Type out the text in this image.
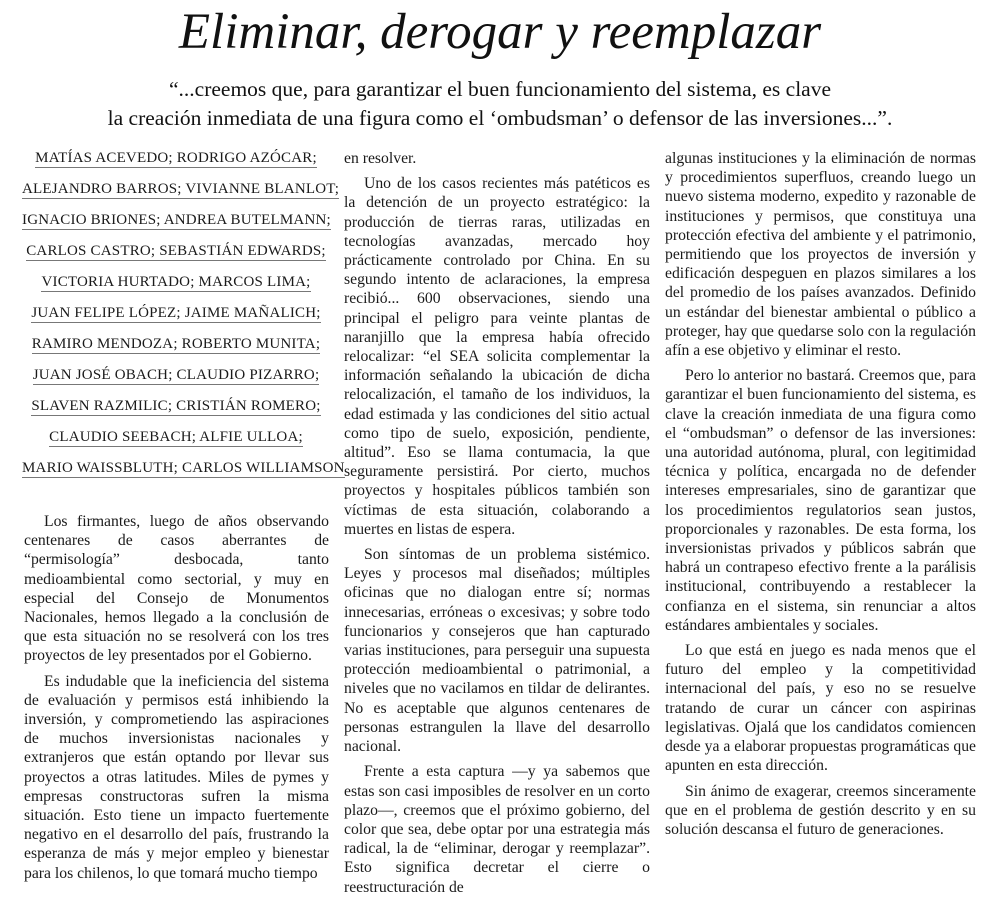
Eliminar, derogar y reemplazar
“...creemos que, para garantizar el buen funcionamiento del sistema, es clave
la creación inmediata de una figura como el ‘ombudsman’ o defensor de las inversiones...”.
MATÍAS ACEVEDO; RODRIGO AZÓCAR;
ALEJANDRO BARROS; VIVIANNE BLANLOT;
IGNACIO BRIONES; ANDREA BUTELMANN;
CARLOS CASTRO; SEBASTIÁN EDWARDS;
VICTORIA HURTADO; MARCOS LIMA;
JUAN FELIPE LÓPEZ; JAIME MAÑALICH;
RAMIRO MENDOZA; ROBERTO MUNITA;
JUAN JOSÉ OBACH; CLAUDIO PIZARRO;
SLAVEN RAZMILIC; CRISTIÁN ROMERO;
CLAUDIO SEEBACH; ALFIE ULLOA;
MARIO WAISSBLUTH; CARLOS WILLIAMSON

Los firmantes, luego de años observando centenares de casos aberrantes de “permisología” desbocada, tanto medioambiental como sectorial, y muy en especial del Consejo de Monumentos Nacionales, hemos llegado a la conclusión de que esta situación no se resolverá con los tres proyectos de ley presentados por el Gobierno.

Es indudable que la ineficiencia del sistema de evaluación y permisos está inhibiendo la inversión, y comprometiendo las aspiraciones de muchos inversionistas nacionales y extranjeros que están optando por llevar sus proyectos a otras latitudes. Miles de pymes y empresas constructoras sufren la misma situación. Esto tiene un impacto fuertemente negativo en el desarrollo del país, frustrando la esperanza de más y mejor empleo y bienestar para los chilenos, lo que tomará mucho tiempo

en resolver.

Uno de los casos recientes más patéticos es la detención de un proyecto estratégico: la producción de tierras raras, utilizadas en tecnologías avanzadas, mercado hoy prácticamente controlado por China. En su segundo intento de aclaraciones, la empresa recibió... 600 observaciones, siendo una principal el peligro para veinte plantas de naranjillo que la empresa había ofrecido relocalizar: “el SEA solicita complementar la información señalando la ubicación de dicha relocalización, el tamaño de los individuos, la edad estimada y las condiciones del sitio actual como tipo de suelo, exposición, pendiente, altitud”. Eso se llama contumacia, la que seguramente persistirá. Por cierto, muchos proyectos y hospitales públicos también son víctimas de esta situación, colaborando a muertes en listas de espera.

Son síntomas de un problema sistémico. Leyes y procesos mal diseñados; múltiples oficinas que no dialogan entre sí; normas innecesarias, erróneas o excesivas; y sobre todo funcionarios y consejeros que han capturado varias instituciones, para perseguir una supuesta protección medioambiental o patrimonial, a niveles que no vacilamos en tildar de delirantes. No es aceptable que algunos centenares de personas estrangulen la llave del desarrollo nacional.

Frente a esta captura —y ya sabemos que estas son casi imposibles de resolver en un corto plazo—, creemos que el próximo gobierno, del color que sea, debe optar por una estrategia más radical, la de “eliminar, derogar y reemplazar”. Esto significa decretar el cierre o reestructuración de

algunas instituciones y la eliminación de normas y procedimientos superfluos, creando luego un nuevo sistema moderno, expedito y razonable de instituciones y permisos, que constituya una protección efectiva del ambiente y el patrimonio, permitiendo que los proyectos de inversión y edificación despeguen en plazos similares a los del promedio de los países avanzados. Definido un estándar del bienestar ambiental o público a proteger, hay que quedarse solo con la regulación afín a ese objetivo y eliminar el resto.

Pero lo anterior no bastará. Creemos que, para garantizar el buen funcionamiento del sistema, es clave la creación inmediata de una figura como el “ombudsman” o defensor de las inversiones: una autoridad autónoma, plural, con legitimidad técnica y política, encargada no de defender intereses empresariales, sino de garantizar que los procedimientos regulatorios sean justos, proporcionales y razonables. De esta forma, los inversionistas privados y públicos sabrán que habrá un contrapeso efectivo frente a la parálisis institucional, contribuyendo a restablecer la confianza en el sistema, sin renunciar a altos estándares ambientales y sociales.

Lo que está en juego es nada menos que el futuro del empleo y la competitividad internacional del país, y eso no se resuelve tratando de curar un cáncer con aspirinas legislativas. Ojalá que los candidatos comiencen desde ya a elaborar propuestas programáticas que apunten en esta dirección.

Sin ánimo de exagerar, creemos sinceramente que en el problema de gestión descrito y en su solución descansa el futuro de generaciones.
